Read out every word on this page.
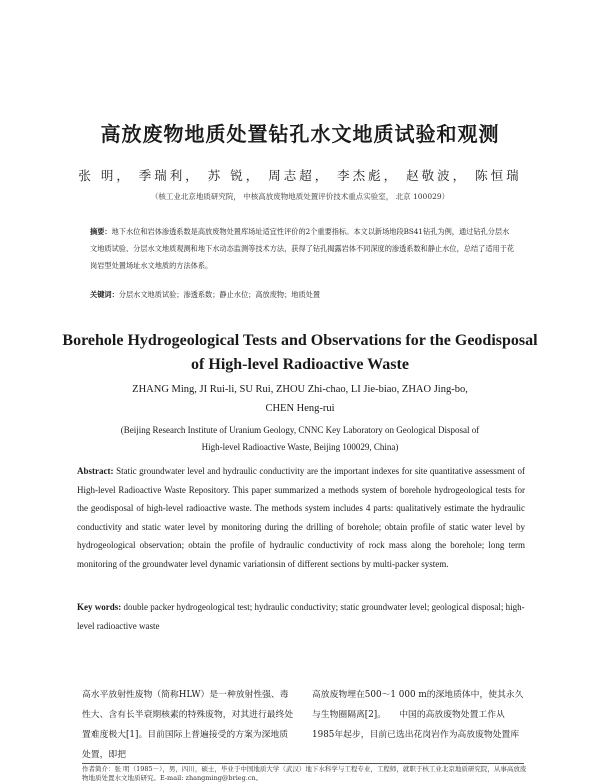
高放废物地质处置钻孔水文地质试验和观测
张 明， 季瑞利， 苏 锐， 周志超， 李杰彪， 赵敬波， 陈恒瑞
（核工业北京地质研究院， 中核高放废物地质处置评价技术重点实验室， 北京 100029）
摘要：地下水位和岩体渗透系数是高放废物处置库场址适宜性评价的2个重要指标。本文以新场地段BS41钻孔为例，通过钻孔分层水文地质试验、分层水文地质观测和地下水动态监测等技术方法，获得了钻孔揭露岩体不同深度的渗透系数和静止水位，总结了适用于花岗岩型处置场址水文地质的方法体系。
关键词：分层水文地质试验；渗透系数；静止水位；高放废物；地质处置
Borehole Hydrogeological Tests and Observations for the Geodisposal
of High-level Radioactive Waste
ZHANG Ming, JI Rui-li, SU Rui, ZHOU Zhi-chao, LI Jie-biao, ZHAO Jing-bo,
CHEN Heng-rui
(Beijing Research Institute of Uranium Geology, CNNC Key Laboratory on Geological Disposal of
High-level Radioactive Waste, Beijing 100029, China)
Abstract: Static groundwater level and hydraulic conductivity are the important indexes for site quantitative assessment of High-level Radioactive Waste Repository. This paper summarized a methods system of borehole hydrogeological tests for the geodisposal of high-level radioactive waste. The methods system includes 4 parts: qualitatively estimate the hydraulic conductivity and static water level by monitoring during the drilling of borehole; obtain profile of static water level by hydrogeological observation; obtain the profile of hydraulic conductivity of rock mass along the borehole; long term monitoring of the groundwater level dynamic variationsin of different sections by multi-packer system.
Key words: double packer hydrogeological test; hydraulic conductivity; static groundwater level; geological disposal; high-level radioactive waste
高水平放射性废物（简称HLW）是一种放射性强、毒性大、含有长半衰期核素的特殊废物，对其进行最终处置难度极大[1]。目前国际上普遍接受的方案为深地质处置，即把
高放废物埋在500～1 000 m的深地质体中，使其永久与生物圈隔离[2]。　　中国的高放废物处置工作从1985年起步，目前已选出花岗岩作为高放废物处置库
作者简介：张 明（1985－），男，四川，硕士，毕业于中国地质大学（武汉）地下水科学与工程专业，工程师，就职于核工业北京地质研究院，从事高放废物地质处置水文地质研究。E-mail: zhangming@brieg.cn。
